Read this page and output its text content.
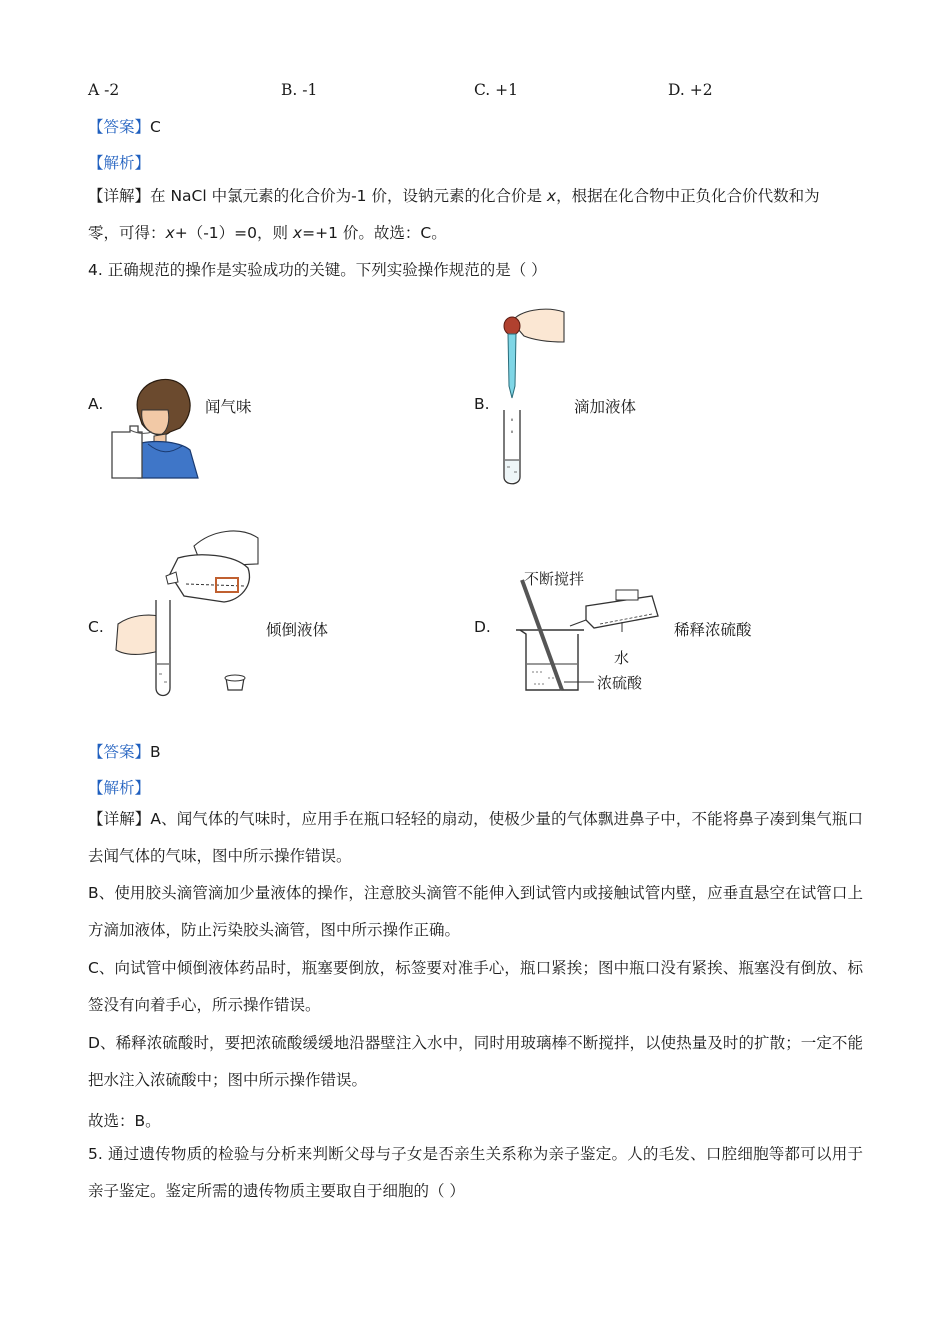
A -2	B. -1	C. +1	D. +2
【答案】C
【解析】
【详解】在 NaCl 中氯元素的化合价为-1 价，设钠元素的化合价是 x，根据在化合物中正负化合价代数和为
零，可得：x+（-1）=0，则 x=+1 价。故选：C。
4. 正确规范的操作是实验成功的关键。下列实验操作规范的是（ ）
A.	闻气味	B.	滴加液体
C.	倾倒液体	D.
不断搅拌
水
浓硫酸
稀释浓硫酸
【答案】B
【解析】
【详解】A、闻气体的气味时，应用手在瓶口轻轻的扇动，使极少量的气体飘进鼻子中，不能将鼻子凑到集气瓶口去闻气体的气味，图中所示操作错误。
B、使用胶头滴管滴加少量液体的操作，注意胶头滴管不能伸入到试管内或接触试管内壁，应垂直悬空在试管口上方滴加液体，防止污染胶头滴管，图中所示操作正确。
C、向试管中倾倒液体药品时，瓶塞要倒放，标签要对准手心，瓶口紧挨；图中瓶口没有紧挨、瓶塞没有倒放、标签没有向着手心，所示操作错误。
D、稀释浓硫酸时，要把浓硫酸缓缓地沿器壁注入水中，同时用玻璃棒不断搅拌，以使热量及时的扩散；一定不能把水注入浓硫酸中；图中所示操作错误。
故选：B。
5. 通过遗传物质的检验与分析来判断父母与子女是否亲生关系称为亲子鉴定。人的毛发、口腔细胞等都可以用于亲子鉴定。鉴定所需的遗传物质主要取自于细胞的（ ）
